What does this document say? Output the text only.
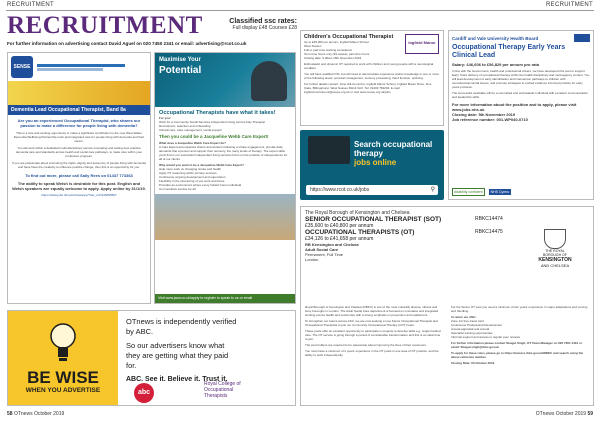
RECRUITMENT	RECRUITMENT
RECRUITMENT	Classified ssc rates:
Full display £48 Courses £28
For further information on advertising contact David Aguel on 020 7450 2341 or email: advertising@rcot.co.uk
SENSE
Dementia Lead Occupational Therapist, Band 8a
Are you an experienced Occupational Therapist, who shares our passion to make a difference for people living with dementia?
This is a rare and exciting opportunity to make a significant contribution to the new West Wales Dementia Wellbeing Partnership work and integrated care for people living with dementia and their carers.
You will work within a dedicated multi-disciplinary service innovating and setting best practice dementia care and standards across health and social care pathways, to make care within your profession progress.
If you are passionate about promoting the rights, dignity and autonomy of people living with dementia and have have the creativity to influence positive change, then this is an opportunity for you.
To find out more, please call Sally Rees on 01437 773363
The ability to speak Welsh is desirable for this post. English and Welsh speakers are equally welcome to apply. Apply online by 31/1/19.
https://www.jobs.nhs.uk/xi/vacancy/?vac_ref=915465567
Maximise Your
Potential
Occupational Therapists have what it takes!
For you:
Work for a Community Social Services independent living service Day Therapist
Recruitment, selection and onboarding
Clinical care, case management, social support
Then you could be a Jacqueline Webb Care Expert!
What does a Jacqueline Webb Care Expert do?
A Care Expert accompanies clients and workers following a stroke engagement, provide daily demands that a person and support their recovery, the many levels of therapy. The expert skills you'll find in our successful independent living services focus on the practice of independence for all of our clients.
Why would you want to be a Jacqueline Webb Care Expert?
Help more work on changing stroke and health
Apply OT reasoning within primary services
Continuous ongoing development and supervision
Flexibility in the structuring of you work and times
Provides an environment where every holistic hours individual
An innovative service for all
Visit www.jacw.co.uk/apply to register to speak to us or email
Children's Occupational Therapist
Ingfield Manor
Up to £39,000 per annum; Ingfield Manor School
West Sussex
Full or part-time working considered
Term time hours only (39 weeks), part-time hours
Closing date: 9.00am 15th November 2019
Enthusiastic and dynamic OT required to work with children and young people with a neurological condition.
You will have qualified OTs, but will need to demonstrate experience and/or knowledge in one or more of the following areas: postural management, sensory processing, hand function, splinting.
For further details contact: Jane Hill-Cummins, Ingfield Manor School, Ingfield Manor Drive, Five Oaks, Billingshurst, West Sussex RH14 9AX. Tel: 01403 782294. E-mail: ingfield.recruitment@scope.org.uk or visit www.scope.org.uk/jobs
Search occupational therapy
jobs online
https://www.rcot.co.uk/jobs	⚲
Cardiff and Vale University Health Board
Occupational Therapy Early Years
Clinical Lead
Salary: £46,606 to £56,829 per annum pro rata
In line with the Government, health and professional drivers, we have developed this post to support Early Years delivery of occupational therapy within the health disciplinary and multi-agency context. You will lead development of early identification and intervention pathways to children with neurodevelopmental issues, and promote strategies to embed evidence informed practice for early years provision.
The successful candidate will be a committed and enthusiastic individual with excellent communication and leadership skills.
For more information about the position and to apply, please visit www.jobs.nhs.uk
Closing date: 5th November 2019
Job reference number: 001-WP040-0710
disability confident	NHS Cymru
The Royal Borough of Kensington and Chelsea
SENIOR OCCUPATIONAL THERAPIST (SOT)	RBKC14474
£35,600 to £40,800 per annum
OCCUPATIONAL THERAPISTS (OT)	RBKC14475
£34,126 to £41,658 per annum
RB Kensington and Chelsea
Adult Social Care
Permanent, Full Time
London
THE ROYAL
BOROUGH OF
KENSINGTON
AND CHELSEA
Royal Borough of Kensington and Chelsea (RBKC) is one of the most culturally diverse, vibrant and busy boroughs in London. The Adult Social Care department is focused on innovative and integrated working across health and social care with a strong emphasis on prevention and reablement.
To strengthen our teams across ASC, we are now seeking a new Senior Occupational Therapist and Occupational Therapists to join our Community Occupational Therapy (COT) team.
These posts offer an excellent opportunity to participate in projects to develop skills e.g. single handed care. The OT service is going through a period of considerable transformation and this is an ideal time to join.
The post holders are required to be passionate about improving the lives of their customers.
You must have a minimum of 2 years' experience in the OT posts in one area of OT practice, and the ability to work independently.
For the Senior OT post you need a minimum of two years' experience in major adaptations and moving and handling.
In return we offer:
Zone 1/2 free travel card
Continuous Professional Development
Annual appraisal and annual
Specialist training opportunities
Informal support and access to regular peer reviews
For further information please contact Shagul Singh, OT Team Manager on 020 7361 4434 or email: Shagul.singh@rbkc.gov.uk
To apply for these roles, please go to https://careers.rbkc.gov.uk/RBKC and search using the above reference number.
Closing Date: 03 October 2019
BE WISE
WHEN YOU ADVERTISE
OTnews is independently verified
by ABC.
So our advertisers know what
they are getting what they paid
for.
ABC. See it. Believe it. Trust it.
abc
Royal College of
Occupational
Therapists
58 OTnews October 2019	OTnews October 2019 59
